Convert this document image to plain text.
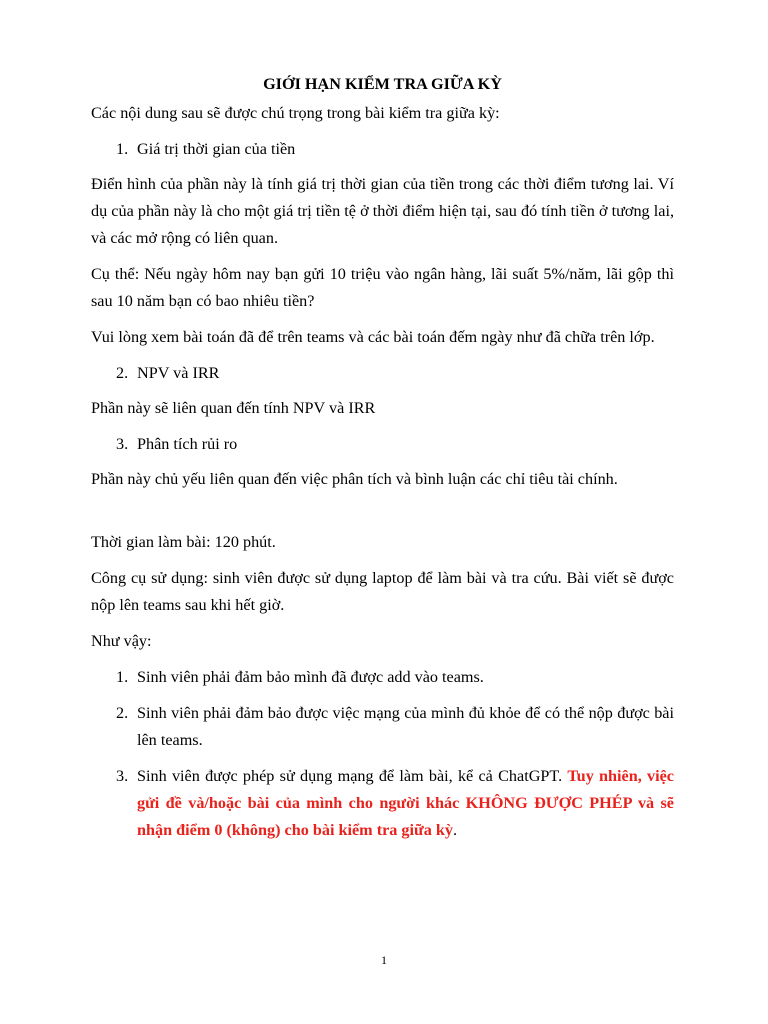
GIỚI HẠN KIỂM TRA GIỮA KỲ

Các nội dung sau sẽ được chú trọng trong bài kiểm tra giữa kỳ:

1. Giá trị thời gian của tiền

Điển hình của phần này là tính giá trị thời gian của tiền trong các thời điểm tương lai. Ví dụ của phần này là cho một giá trị tiền tệ ở thời điểm hiện tại, sau đó tính tiền ở tương lai, và các mở rộng có liên quan.

Cụ thể: Nếu ngày hôm nay bạn gửi 10 triệu vào ngân hàng, lãi suất 5%/năm, lãi gộp thì sau 10 năm bạn có bao nhiêu tiền?

Vui lòng xem bài toán đã để trên teams và các bài toán đếm ngày như đã chữa trên lớp.

2. NPV và IRR

Phần này sẽ liên quan đến tính NPV và IRR

3. Phân tích rủi ro

Phần này chủ yếu liên quan đến việc phân tích và bình luận các chỉ tiêu tài chính.

Thời gian làm bài: 120 phút.

Công cụ sử dụng: sinh viên được sử dụng laptop để làm bài và tra cứu. Bài viết sẽ được nộp lên teams sau khi hết giờ.

Như vậy:

1. Sinh viên phải đảm bảo mình đã được add vào teams.
2. Sinh viên phải đảm bảo được việc mạng của mình đủ khỏe để có thể nộp được bài lên teams.
3. Sinh viên được phép sử dụng mạng để làm bài, kể cả ChatGPT. Tuy nhiên, việc gửi đề và/hoặc bài của mình cho người khác KHÔNG ĐƯỢC PHÉP và sẽ nhận điểm 0 (không) cho bài kiểm tra giữa kỳ.
1
